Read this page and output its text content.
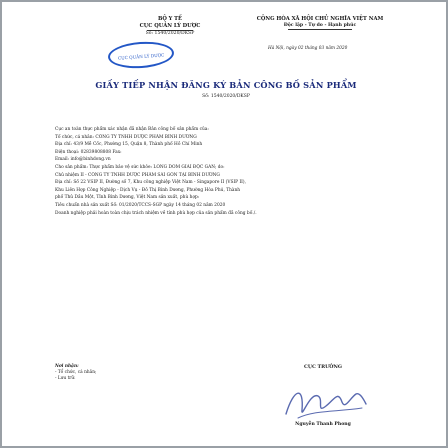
BỘ Y TẾ
CỤC QUẢN LÝ DƯỢC
Số: 1540/2020/DKSP
CỘNG HÒA XÃ HỘI CHỦ NGHĨA VIỆT NAM
Độc lập - Tự do - Hạnh phúc
CỤC QUẢN LÝ DƯỢC
Hà Nội, ngày 02 tháng 03 năm 2020
GIẤY TIẾP NHẬN ĐĂNG KÝ BẢN CÔNG BỐ SẢN PHẨM
Số: 1540/2020/DKSP
Cục an toàn thực phẩm xác nhận đã nhận Bản công bố sản phẩm của:
Tổ chức, cá nhân: CÔNG TY TNHH DƯỢC PHẨM BÌNH DƯƠNG
Địa chỉ: 43/9 Mễ Cốc, Phường 15, Quận 8, Thành phố Hồ Chí Minh
Điện thoại: 02839808808 Fax:
Email: info@binhdong.vn
Cho sản phẩm: Thực phẩm bảo vệ sức khỏe: LONG DOM GIẢI ĐỘC GAN; do:
Chủ nhiệm II - CÔNG TY TNHH DƯỢC PHẨM SÀI GÒN TẠI BÌNH DƯƠNG
Địa chỉ: Số 22 VSIP II, Đường số 7, Khu công nghiệp Việt Nam - Singapore II (VSIP II),
Khu Liên Hợp Công Nghiệp - Dịch Vụ - Đô Thị Bình Dương, Phường Hòa Phú, Thành
phố Thủ Dầu Một, Tỉnh Bình Dương, Việt Nam sản xuất, phù hợp:
Tiêu chuẩn nhà sản xuất Số: 01/2020/TCCS-SGP ngày 14 tháng 02 năm 2020
Doanh nghiệp phải hoàn toàn chịu trách nhiệm về tính phù hợp của sản phẩm đã công bố./.
Nơi nhận:
- Tổ chức, cá nhân;
- Lưu trữ.
CỤC TRƯỞNG
Nguyễn Thanh Phong
